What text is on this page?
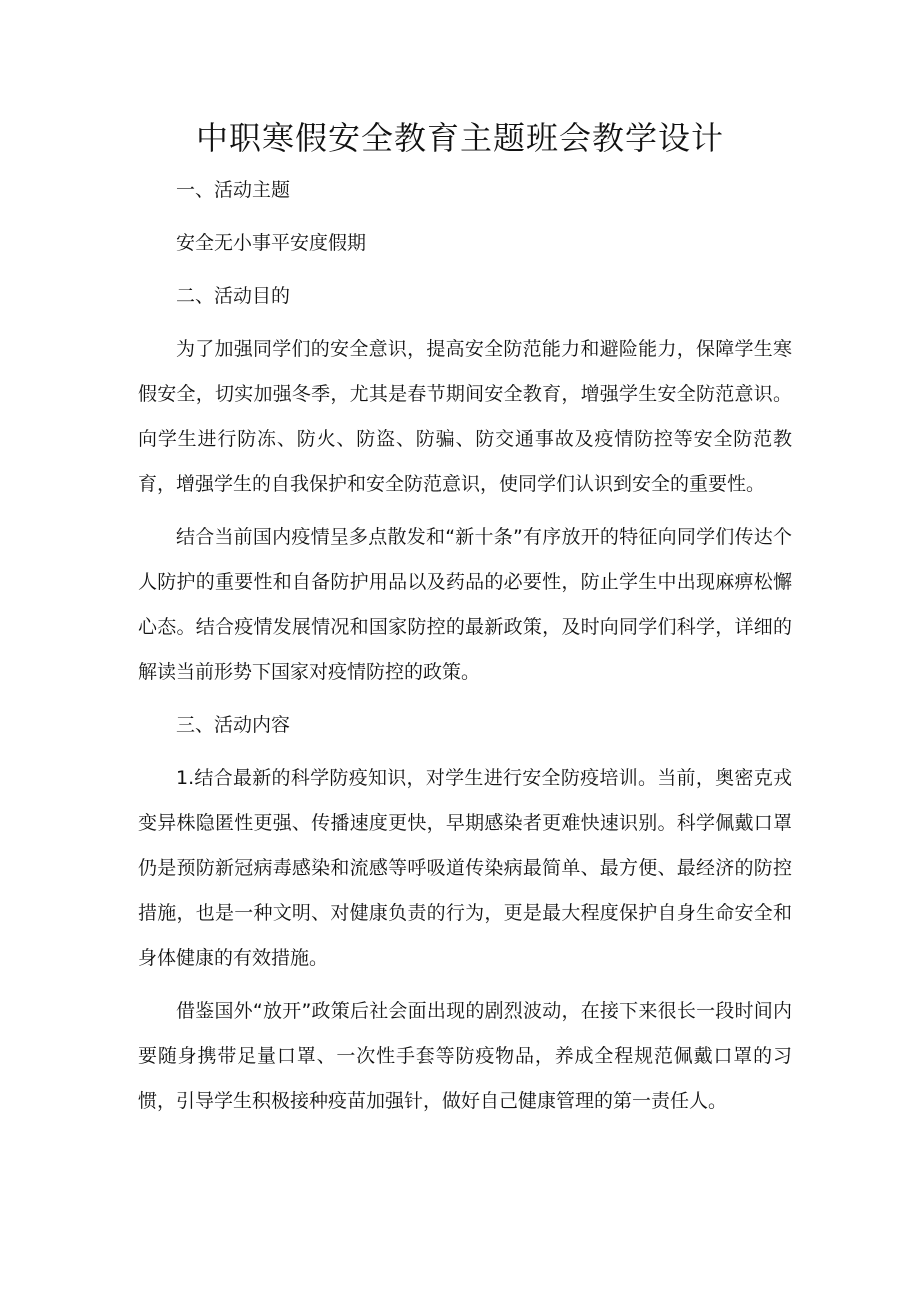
中职寒假安全教育主题班会教学设计

一、活动主题

安全无小事平安度假期

二、活动目的

为了加强同学们的安全意识，提高安全防范能力和避险能力，保障学生寒假安全，切实加强冬季，尤其是春节期间安全教育，增强学生安全防范意识。向学生进行防冻、防火、防盗、防骗、防交通事故及疫情防控等安全防范教育，增强学生的自我保护和安全防范意识，使同学们认识到安全的重要性。

结合当前国内疫情呈多点散发和“新十条”有序放开的特征向同学们传达个人防护的重要性和自备防护用品以及药品的必要性，防止学生中出现麻痹松懈心态。结合疫情发展情况和国家防控的最新政策，及时向同学们科学，详细的解读当前形势下国家对疫情防控的政策。

三、活动内容

1.结合最新的科学防疫知识，对学生进行安全防疫培训。当前，奥密克戎变异株隐匿性更强、传播速度更快，早期感染者更难快速识别。科学佩戴口罩仍是预防新冠病毒感染和流感等呼吸道传染病最简单、最方便、最经济的防控措施，也是一种文明、对健康负责的行为，更是最大程度保护自身生命安全和身体健康的有效措施。

借鉴国外“放开”政策后社会面出现的剧烈波动，在接下来很长一段时间内要随身携带足量口罩、一次性手套等防疫物品，养成全程规范佩戴口罩的习惯，引导学生积极接种疫苗加强针，做好自己健康管理的第一责任人。
